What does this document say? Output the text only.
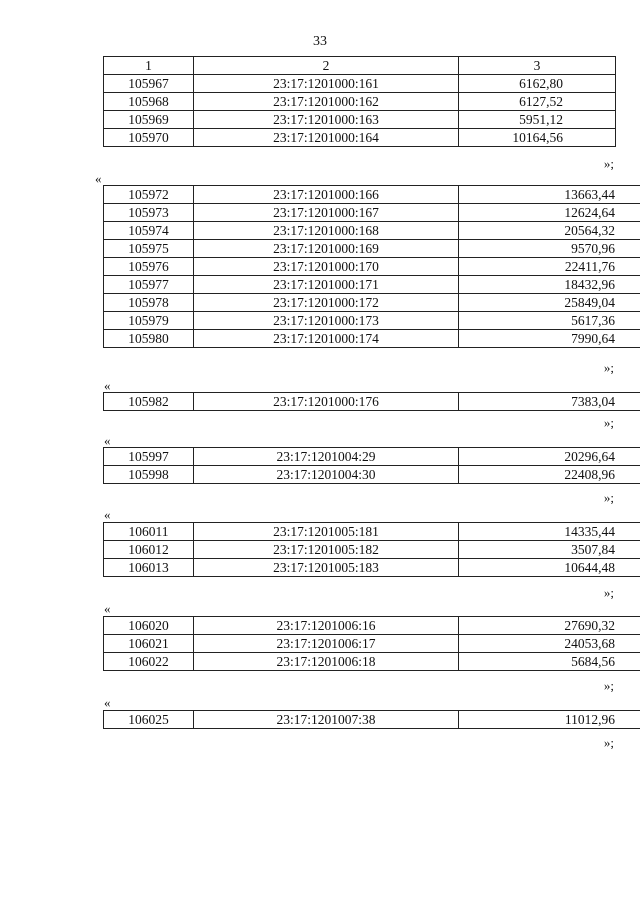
33
1	2	3
105967	23:17:1201000:161	6162,80
105968	23:17:1201000:162	6127,52
105969	23:17:1201000:163	5951,12
105970	23:17:1201000:164	10164,56
«
»;
105972	23:17:1201000:166	13663,44
105973	23:17:1201000:167	12624,64
105974	23:17:1201000:168	20564,32
105975	23:17:1201000:169	9570,96
105976	23:17:1201000:170	22411,76
105977	23:17:1201000:171	18432,96
105978	23:17:1201000:172	25849,04
105979	23:17:1201000:173	5617,36
105980	23:17:1201000:174	7990,64
»;
105982	23:17:1201000:176	7383,04
«
»;
105997	23:17:1201004:29	20296,64
105998	23:17:1201004:30	22408,96
«
»;
106011	23:17:1201005:181	14335,44
106012	23:17:1201005:182	3507,84
106013	23:17:1201005:183	10644,48
«
»;
106020	23:17:1201006:16	27690,32
106021	23:17:1201006:17	24053,68
106022	23:17:1201006:18	5684,56
«
»;
106025	23:17:1201007:38	11012,96
«
»;
